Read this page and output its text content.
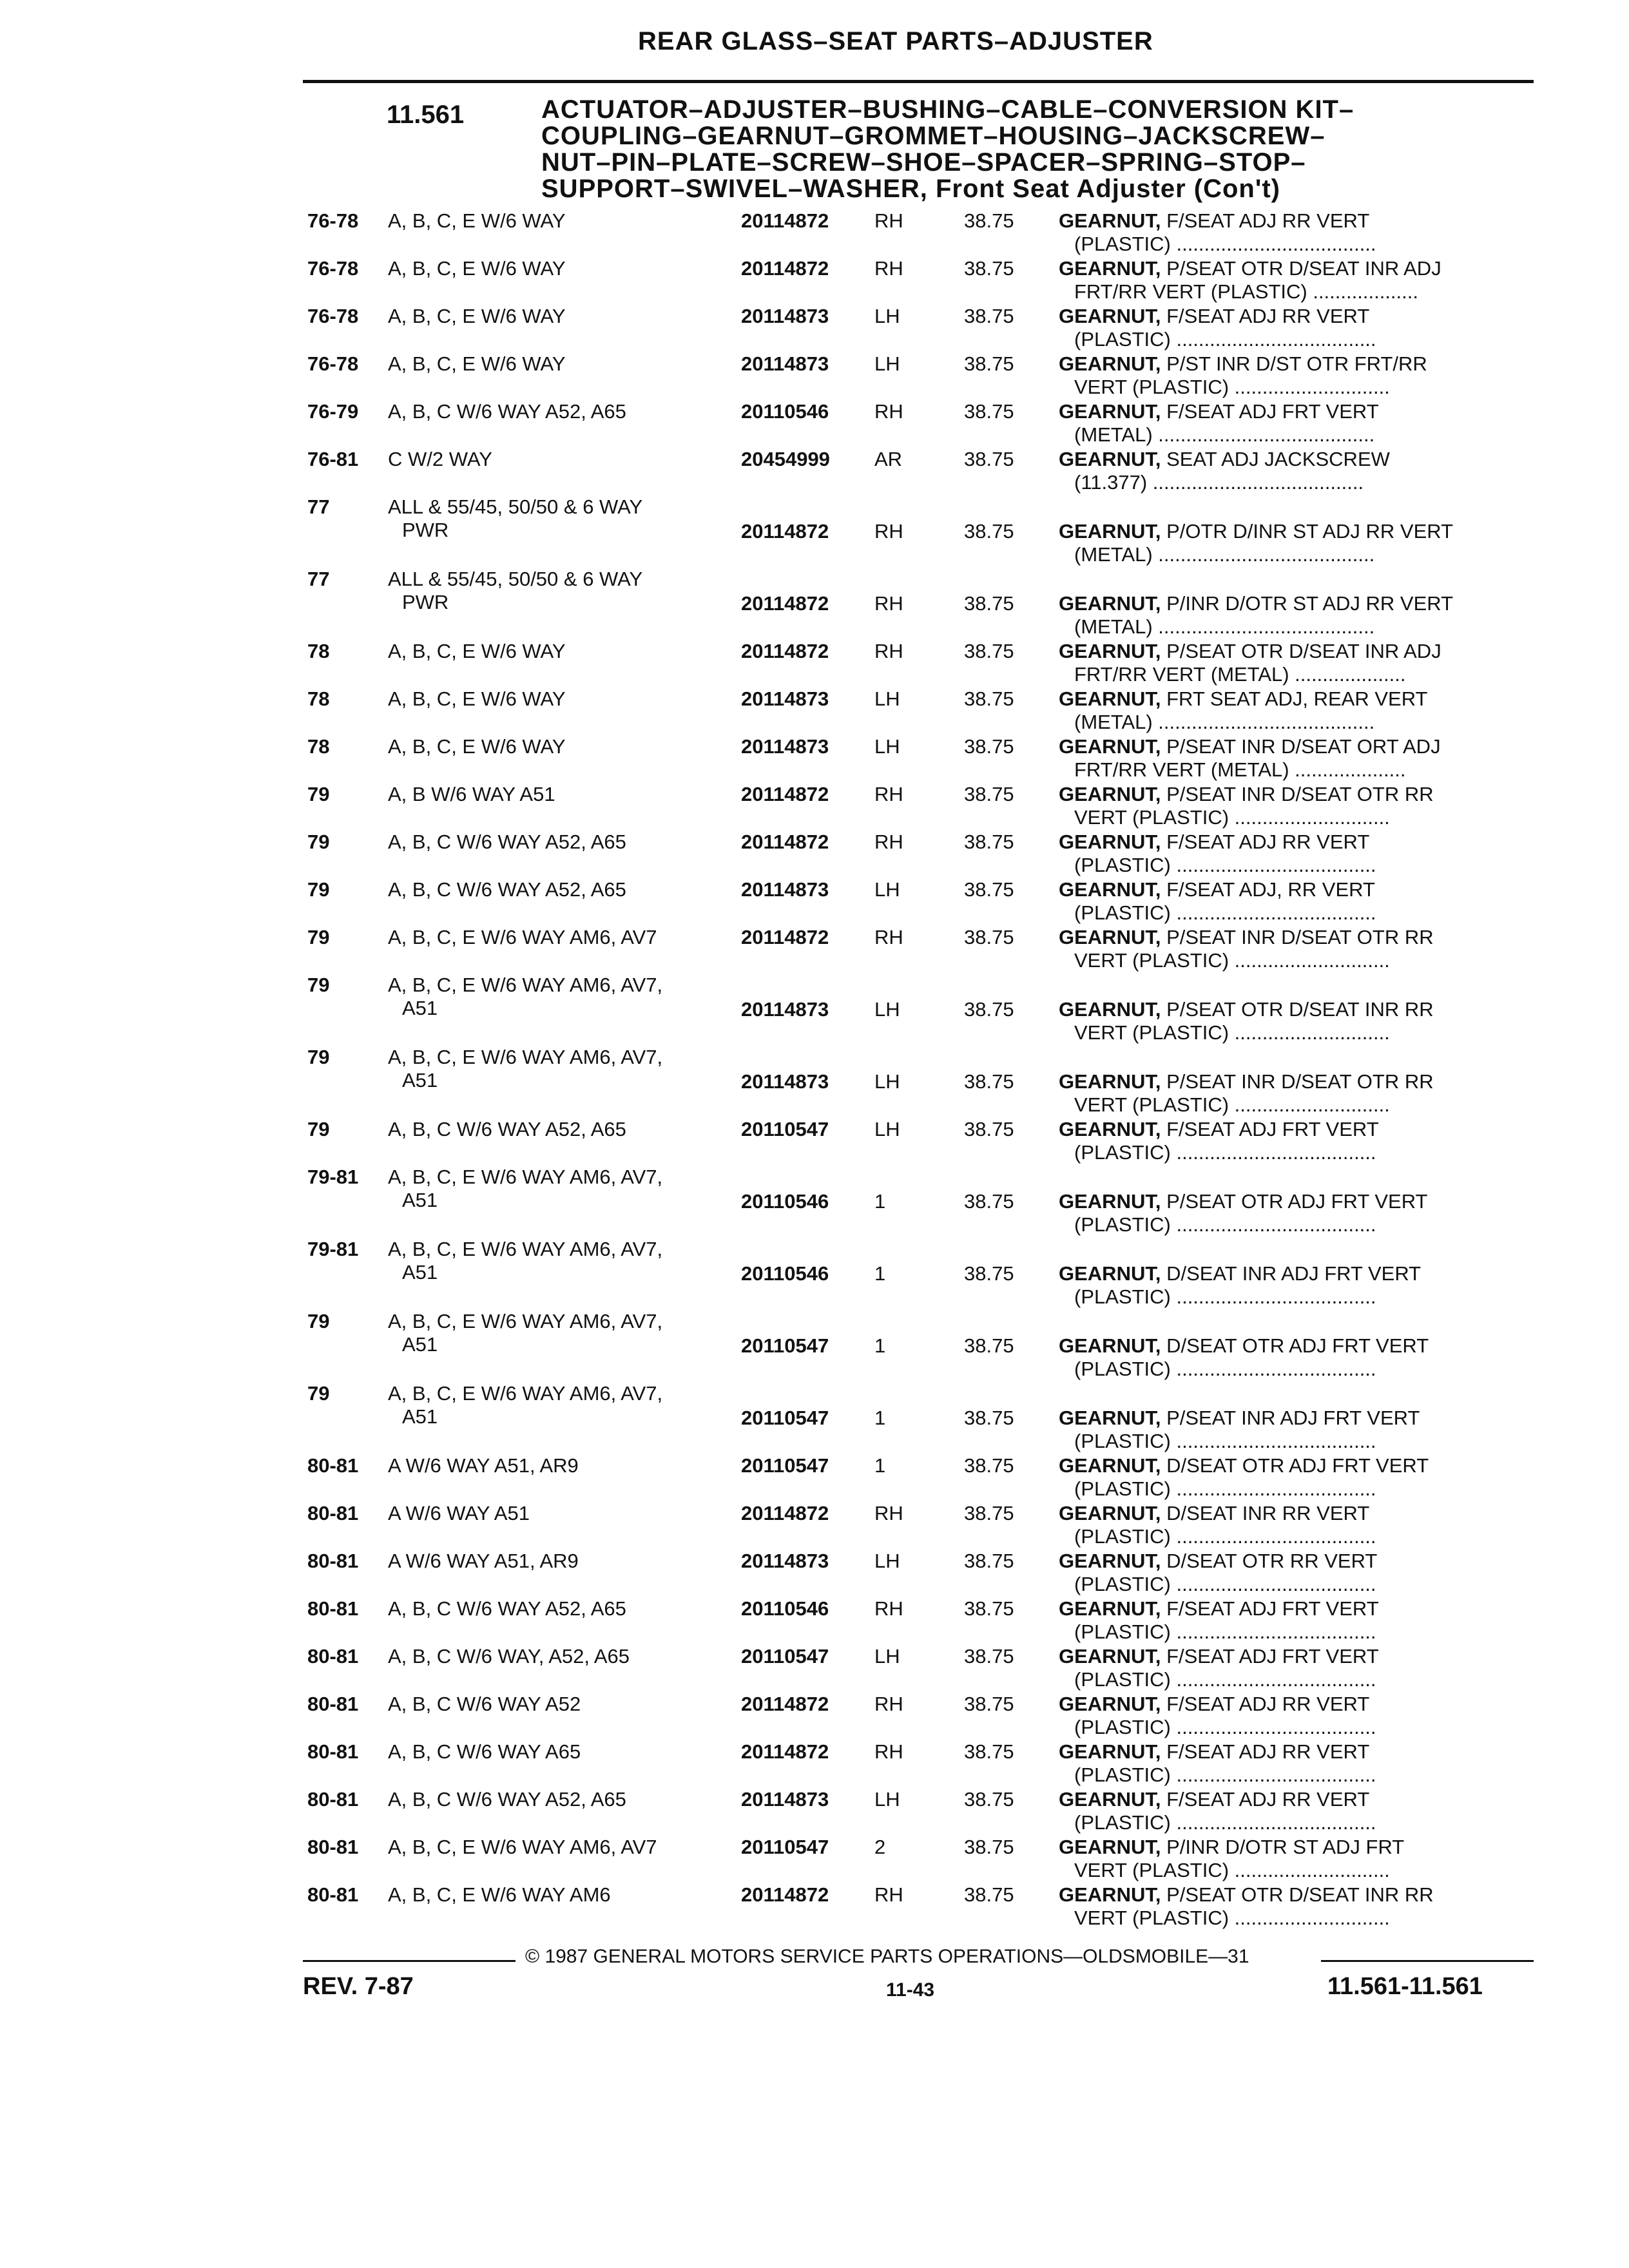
REAR GLASS–SEAT PARTS–ADJUSTER
11.561	ACTUATOR–ADJUSTER–BUSHING–CABLE–CONVERSION KIT–
COUPLING–GEARNUT–GROMMET–HOUSING–JACKSCREW–
NUT–PIN–PLATE–SCREW–SHOE–SPACER–SPRING–STOP–
SUPPORT–SWIVEL–WASHER, Front Seat Adjuster (Con't)
76-78 A, B, C, E W/6 WAY	20114872 RH	38.75 GEARNUT, F/SEAT ADJ RR VERT
(PLASTIC) ....................................
76-78 A, B, C, E W/6 WAY	20114872 RH	38.75 GEARNUT, P/SEAT OTR D/SEAT INR ADJ
FRT/RR VERT (PLASTIC) ...................
76-78 A, B, C, E W/6 WAY	20114873 LH	38.75 GEARNUT, F/SEAT ADJ RR VERT
(PLASTIC) ....................................
76-78 A, B, C, E W/6 WAY	20114873 LH	38.75 GEARNUT, P/ST INR D/ST OTR FRT/RR
VERT (PLASTIC) ............................
76-79 A, B, C W/6 WAY A52, A65	20110546 RH	38.75 GEARNUT, F/SEAT ADJ FRT VERT
(METAL) .......................................
76-81 C W/2 WAY	20454999 AR	38.75 GEARNUT, SEAT ADJ JACKSCREW
(11.377) ......................................
77	ALL & 55/45, 50/50 & 6 WAY
PWR	20114872 RH	38.75 GEARNUT, P/OTR D/INR ST ADJ RR VERT
(METAL) .......................................
77	ALL & 55/45, 50/50 & 6 WAY
PWR	20114872 RH	38.75 GEARNUT, P/INR D/OTR ST ADJ RR VERT
(METAL) .......................................
78	A, B, C, E W/6 WAY	20114872 RH	38.75 GEARNUT, P/SEAT OTR D/SEAT INR ADJ
FRT/RR VERT (METAL) ....................
78	A, B, C, E W/6 WAY	20114873 LH	38.75 GEARNUT, FRT SEAT ADJ, REAR VERT
(METAL) .......................................
78	A, B, C, E W/6 WAY	20114873 LH	38.75 GEARNUT, P/SEAT INR D/SEAT ORT ADJ
FRT/RR VERT (METAL) ....................
79	A, B W/6 WAY A51	20114872 RH	38.75 GEARNUT, P/SEAT INR D/SEAT OTR RR
VERT (PLASTIC) ............................
79	A, B, C W/6 WAY A52, A65	20114872 RH	38.75 GEARNUT, F/SEAT ADJ RR VERT
(PLASTIC) ....................................
79	A, B, C W/6 WAY A52, A65	20114873 LH	38.75 GEARNUT, F/SEAT ADJ, RR VERT
(PLASTIC) ....................................
79	A, B, C, E W/6 WAY AM6, AV7	20114872 RH	38.75 GEARNUT, P/SEAT INR D/SEAT OTR RR
VERT (PLASTIC) ............................
79	A, B, C, E W/6 WAY AM6, AV7,
A51	20114873 LH	38.75 GEARNUT, P/SEAT OTR D/SEAT INR RR
VERT (PLASTIC) ............................
79	A, B, C, E W/6 WAY AM6, AV7,
A51	20114873 LH	38.75 GEARNUT, P/SEAT INR D/SEAT OTR RR
VERT (PLASTIC) ............................
79	A, B, C W/6 WAY A52, A65	20110547 LH	38.75 GEARNUT, F/SEAT ADJ FRT VERT
(PLASTIC) ....................................
79-81 A, B, C, E W/6 WAY AM6, AV7,
A51	20110546 1	38.75 GEARNUT, P/SEAT OTR ADJ FRT VERT
(PLASTIC) ....................................
79-81 A, B, C, E W/6 WAY AM6, AV7,
A51	20110546 1	38.75 GEARNUT, D/SEAT INR ADJ FRT VERT
(PLASTIC) ....................................
79	A, B, C, E W/6 WAY AM6, AV7,
A51	20110547 1	38.75 GEARNUT, D/SEAT OTR ADJ FRT VERT
(PLASTIC) ....................................
79	A, B, C, E W/6 WAY AM6, AV7,
A51	20110547 1	38.75 GEARNUT, P/SEAT INR ADJ FRT VERT
(PLASTIC) ....................................
80-81 A W/6 WAY A51, AR9	20110547 1	38.75 GEARNUT, D/SEAT OTR ADJ FRT VERT
(PLASTIC) ....................................
80-81 A W/6 WAY A51	20114872 RH	38.75 GEARNUT, D/SEAT INR RR VERT
(PLASTIC) ....................................
80-81 A W/6 WAY A51, AR9	20114873 LH	38.75 GEARNUT, D/SEAT OTR RR VERT
(PLASTIC) ....................................
80-81 A, B, C W/6 WAY A52, A65	20110546 RH	38.75 GEARNUT, F/SEAT ADJ FRT VERT
(PLASTIC) ....................................
80-81 A, B, C W/6 WAY, A52, A65	20110547 LH	38.75 GEARNUT, F/SEAT ADJ FRT VERT
(PLASTIC) ....................................
80-81 A, B, C W/6 WAY A52	20114872 RH	38.75 GEARNUT, F/SEAT ADJ RR VERT
(PLASTIC) ....................................
80-81 A, B, C W/6 WAY A65	20114872 RH	38.75 GEARNUT, F/SEAT ADJ RR VERT
(PLASTIC) ....................................
80-81 A, B, C W/6 WAY A52, A65	20114873 LH	38.75 GEARNUT, F/SEAT ADJ RR VERT
(PLASTIC) ....................................
80-81 A, B, C, E W/6 WAY AM6, AV7	20110547 2	38.75 GEARNUT, P/INR D/OTR ST ADJ FRT
VERT (PLASTIC) ............................
80-81 A, B, C, E W/6 WAY AM6	20114872 RH	38.75 GEARNUT, P/SEAT OTR D/SEAT INR RR
VERT (PLASTIC) ............................
© 1987 GENERAL MOTORS SERVICE PARTS OPERATIONS—OLDSMOBILE—31
REV. 7-87	11-43	11.561-11.561
